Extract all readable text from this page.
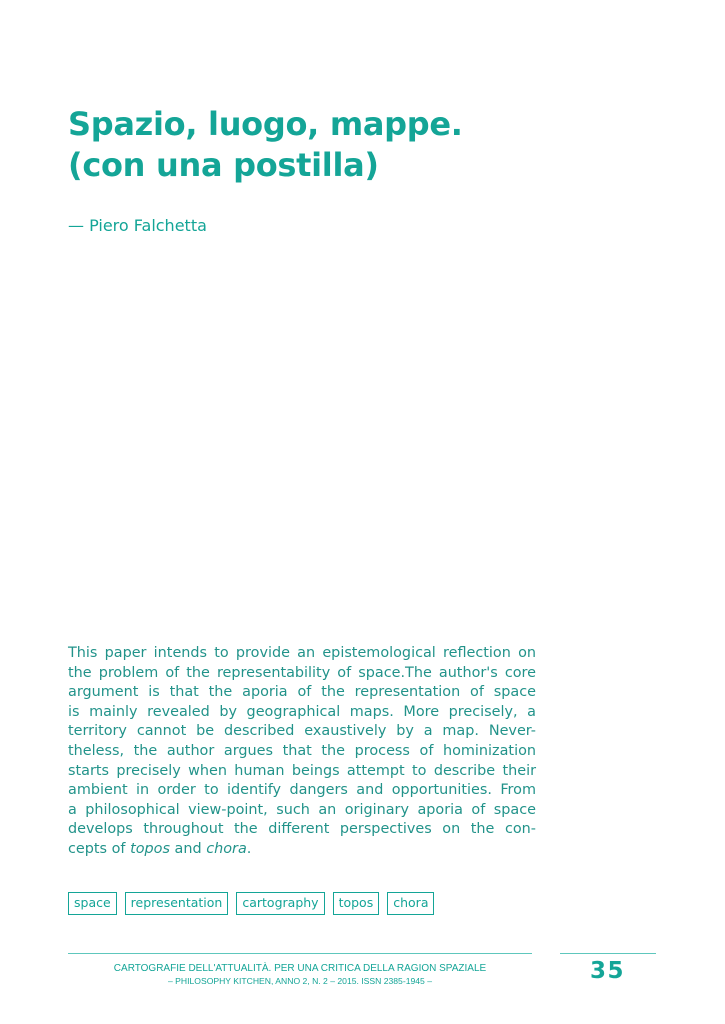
Spazio, luogo, mappe.
(con una postilla)
— Piero Falchetta
This paper intends to provide an epistemological reflection on
the problem of the representability of space.The author's core
argument is that the aporia of the representation of space
is mainly revealed by geographical maps. More precisely, a
territory cannot be described exaustively by a map. Never-
theless, the author argues that the process of hominization
starts precisely when human beings attempt to describe their
ambient in order to identify dangers and opportunities. From
a philosophical view-point, such an originary aporia of space
develops throughout the different perspectives on the con-
cepts of topos and chora.
space	representation	cartography	topos	chora
CARTOGRAFIE DELL'ATTUALITÀ. PER UNA CRITICA DELLA RAGION SPAZIALE
– PHILOSOPHY KITCHEN, ANNO 2, N. 2 – 2015. ISSN 2385-1945 –	35
